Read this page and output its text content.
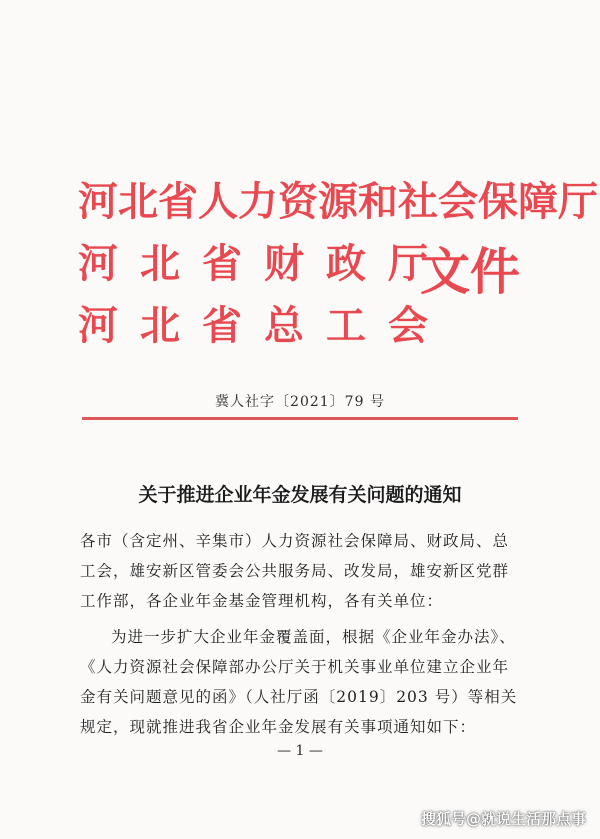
河北省人力资源和社会保障厅
河北省财政厅
河北省总工会
文件
冀人社字〔2021〕79 号
关于推进企业年金发展有关问题的通知
各市（含定州、辛集市）人力资源社会保障局、财政局、总工会，雄安新区管委会公共服务局、改发局，雄安新区党群工作部，各企业年金基金管理机构，各有关单位：
为进一步扩大企业年金覆盖面，根据《企业年金办法》、《人力资源社会保障部办公厅关于机关事业单位建立企业年金有关问题意见的函》（人社厅函〔2019〕203 号）等相关规定，现就推进我省企业年金发展有关事项通知如下：
— 1 —
搜狐号@就说生活那点事
